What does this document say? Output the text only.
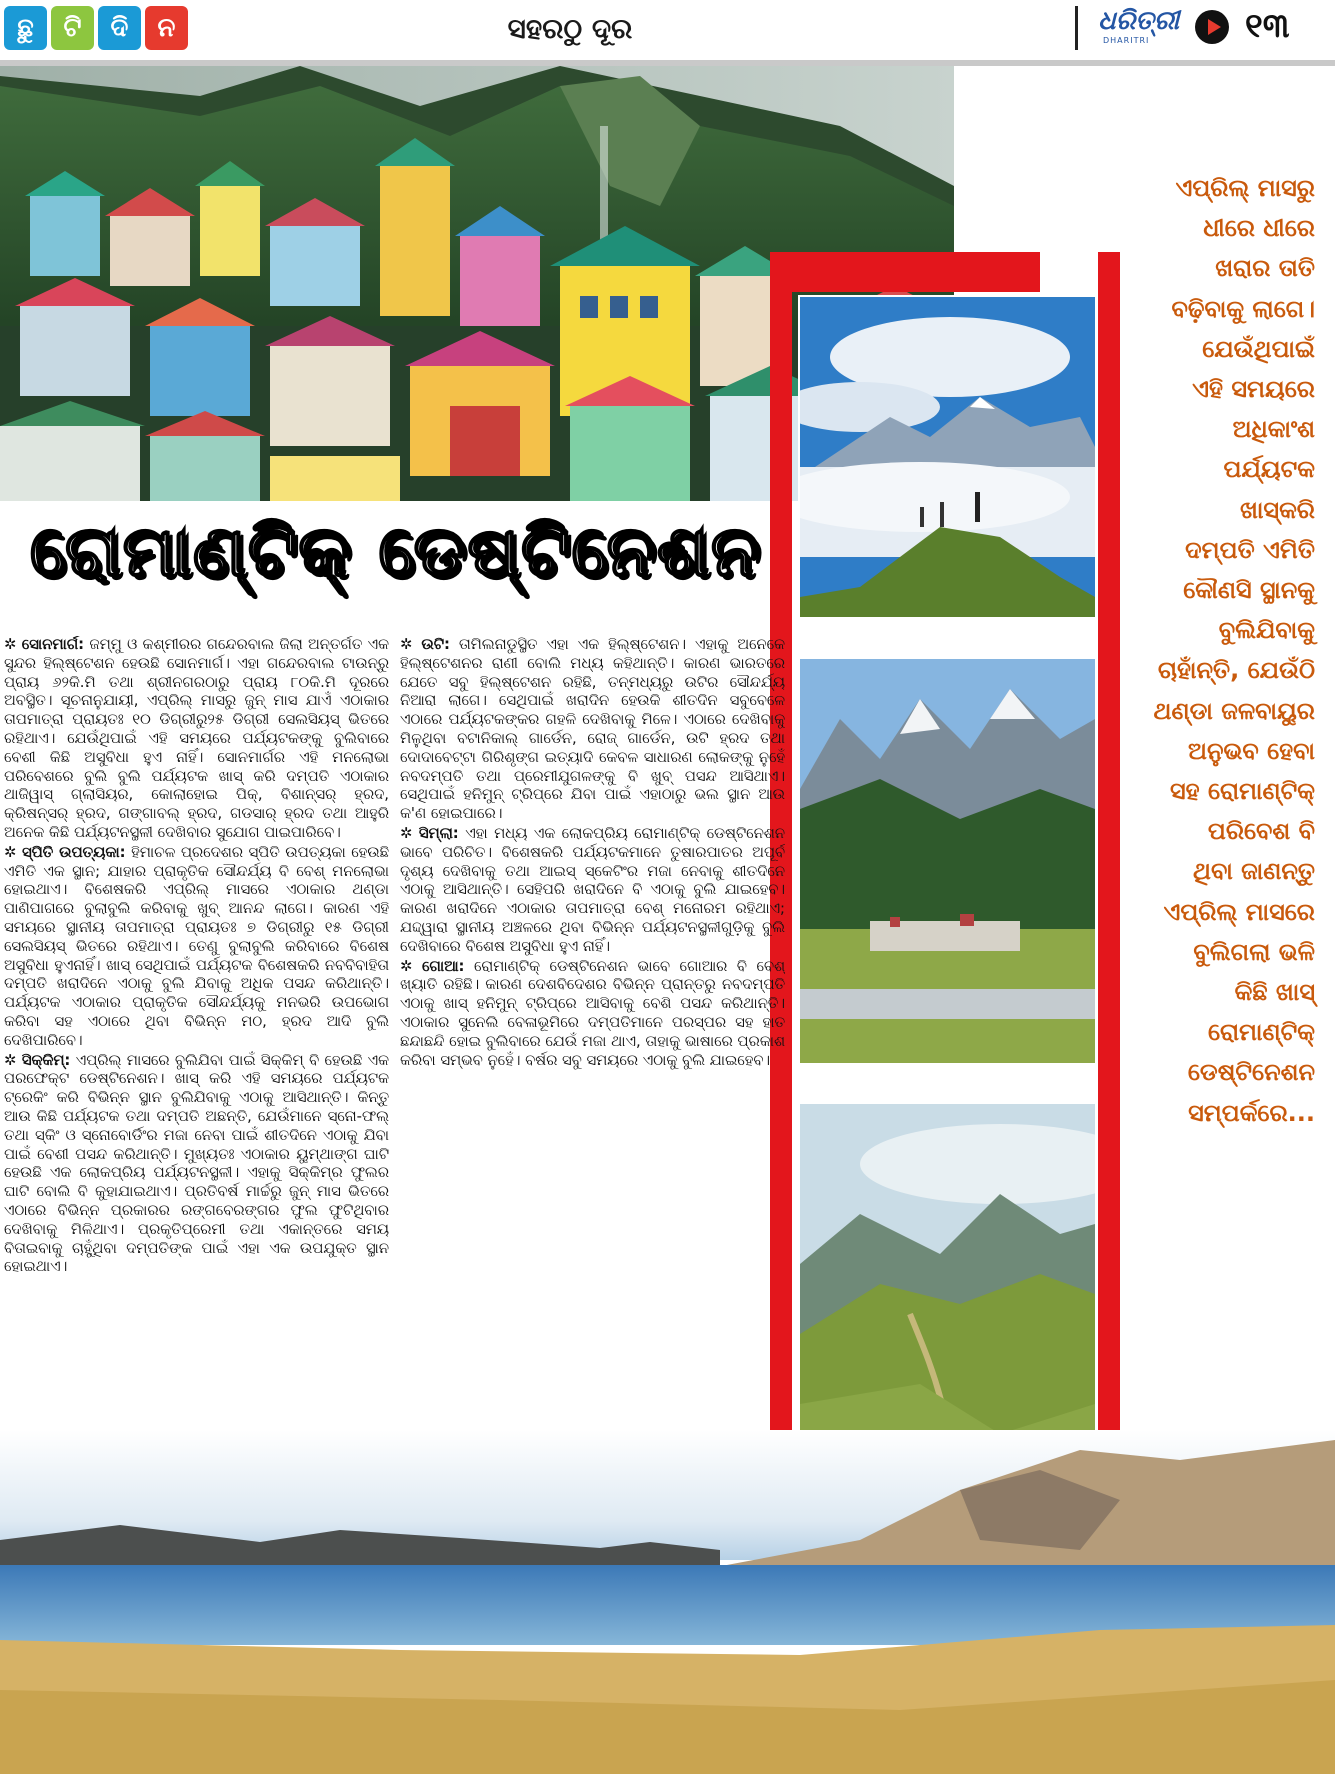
ଛୁ	ଟି	ଦି	ନ	ସହରଠୁ ଦୂର	ଧରିତ୍ରୀ
DHARITRI	୧୩
ରୋମାଣ୍ଟିକ୍ ଡେଷ୍ଟିନେଶନ

✲ ସୋନମାର୍ଗ: ଜମ୍ମୁ ଓ କଶ୍ମୀରର ଗନ୍ଦେରବାଲ ଜିଲା ଅନ୍ତର୍ଗତ ଏକ ସୁନ୍ଦର ହିଲ୍‌ଷ୍ଟେଶନ ହେଉଛି ସୋନମାର୍ଗ। ଏହା ଗନ୍ଦେରବାଲ ଟାଉନ୍‌ରୁ ପ୍ରାୟ ୬୨କି.ମି ତଥା ଶ୍ରୀନଗରଠାରୁ ପ୍ରାୟ ୮୦କି.ମି ଦୂରରେ ଅବସ୍ଥିତ। ସୂଚନାନୁଯାୟୀ, ଏପ୍ରିଲ୍ ମାସରୁ ଜୁନ୍ ମାସ ଯାଏଁ ଏଠାକାର ତାପମାତ୍ରା ପ୍ରାୟତଃ ୧୦ ଡିଗ୍ରୀରୁ୨୫ ଡିଗ୍ରୀ ସେଲସିୟସ୍ ଭିତରେ ରହିଥାଏ। ଯେଉଁଥିପାଇଁ ଏହି ସମୟରେ ପର୍ଯ୍ୟଟକଙ୍କୁ ବୁଲିବାରେ ବେଶୀ କିଛି ଅସୁବିଧା ହୁଏ ନାହିଁ। ସୋନମାର୍ଗର ଏହି ମନଲୋଭା ପରିବେଶରେ ବୁଲି ବୁଲି ପର୍ଯ୍ୟଟକ ଖାସ୍ କରି ଦମ୍ପତି ଏଠାକାର ଥାଜିୱାସ୍ ଗ୍ଲାସିୟର, କୋଲାହୋଇ ପିକ୍, ବିଶାନ୍‌ସର୍ ହ୍ରଦ, କ୍ରିଷନ୍‌ସର୍ ହ୍ରଦ, ଗଙ୍ଗାବଲ୍ ହ୍ରଦ, ଗଡସାର୍ ହ୍ରଦ ତଥା ଆହୁରି ଅନେକ କିଛି ପର୍ଯ୍ୟଟନସ୍ଥଳୀ ଦେଖିବାର ସୁଯୋଗ ପାଇପାରିବେ।

✲ ସ୍ପିତି ଉପତ୍ୟକା: ହିମାଚଳ ପ୍ରଦେଶର ସ୍ପିତି ଉପତ୍ୟକା ହେଉଛି ଏମିତି ଏକ ସ୍ଥାନ; ଯାହାର ପ୍ରାକୃତିକ ସୌନ୍ଦର୍ଯ୍ୟ ବି ବେଶ୍ ମନଲୋଭା ହୋଇଥାଏ। ବିଶେଷକରି ଏପ୍ରିଲ୍ ମାସରେ ଏଠାକାର ଥଣ୍ଡା ପାଣିପାଗରେ ବୁଲାବୁଲି କରିବାକୁ ଖୁବ୍ ଆନନ୍ଦ ଲାଗେ। କାରଣ ଏହି ସମୟରେ ସ୍ଥାନୀୟ ତାପମାତ୍ରା ପ୍ରାୟତଃ ୭ ଡିଗ୍ରୀରୁ ୧୫ ଡିଗ୍ରୀ ସେଲସିୟସ୍ ଭିତରେ ରହିଥାଏ। ତେଣୁ ବୁଲାବୁଲି କରିବାରେ ବିଶେଷ ଅସୁବିଧା ହୁଏନାହିଁ। ଖାସ୍ ସେଥିପାଇଁ ପର୍ଯ୍ୟଟକ ବିଶେଷକରି ନବବିବାହିତା ଦମ୍ପତି ଖରାଦିନେ ଏଠାକୁ ବୁଲି ଯିବାକୁ ଅଧିକ ପସନ୍ଦ କରିଥାନ୍ତି। ପର୍ଯ୍ୟଟକ ଏଠାକାର ପ୍ରାକୃତିକ ସୌନ୍ଦର୍ଯ୍ୟକୁ ମନଭରି ଉପଭୋଗ କରିବା ସହ ଏଠାରେ ଥିବା ବିଭିନ୍ନ ମଠ, ହ୍ରଦ ଆଦି ବୁଲି ଦେଖିପାରିବେ।

✲ ସିକ୍କିମ୍: ଏପ୍ରିଲ୍ ମାସରେ ବୁଲିଯିବା ପାଇଁ ସିକ୍କିମ୍ ବି ହେଉଛି ଏକ ପରଫେକ୍ଟ ଡେଷ୍ଟିନେଶନ। ଖାସ୍ କରି ଏହି ସମୟରେ ପର୍ଯ୍ୟଟକ ଟ୍ରେକିଂ କରି ବିଭିନ୍ନ ସ୍ଥାନ ବୁଲିଯିବାକୁ ଏଠାକୁ ଆସିଥାନ୍ତି। କିନ୍ତୁ ଆଉ କିଛି ପର୍ଯ୍ୟଟକ ତଥା ଦମ୍ପତି ଅଛନ୍ତି, ଯେଉଁମାନେ ସ୍ନୋ-ଫଲ୍ ତଥା ସ୍କିଂ ଓ ସ୍ନୋବୋର୍ଡିଂର ମଜା ନେବା ପାଇଁ ଶୀତଦିନେ ଏଠାକୁ ଯିବା ପାଇଁ ବେଶୀ ପସନ୍ଦ କରିଥାନ୍ତି। ମୁଖ୍ୟତଃ ଏଠାକାର ୟୁମ୍‌ଥାଙ୍ଗ ଘାଟି ହେଉଛି ଏକ ଲୋକପ୍ରିୟ ପର୍ଯ୍ୟଟନସ୍ଥଳୀ। ଏହାକୁ ସିକ୍କିମ୍‌ର ଫୁଲର ଘାଟି ବୋଲି ବି କୁହାଯାଇଥାଏ। ପ୍ରତିବର୍ଷ ମାର୍ଚ୍ଚରୁ ଜୁନ୍ ମାସ ଭିତରେ ଏଠାରେ ବିଭିନ୍ନ ପ୍ରକାରର ରଙ୍ଗବେରଙ୍ଗର ଫୁଲ ଫୁଟିଥିବାର ଦେଖିବାକୁ ମିଳିଥାଏ। ପ୍ରକୃତିପ୍ରେମୀ ତଥା ଏକାନ୍ତରେ ସମୟ ବିତାଇବାକୁ ଚାହୁଁଥିବା ଦମ୍ପତିଙ୍କ ପାଇଁ ଏହା ଏକ ଉପଯୁକ୍ତ ସ୍ଥାନ ହୋଇଥାଏ।

✲ ଉଟି: ତାମିଲନାଡୁସ୍ଥିତ ଏହା ଏକ ହିଲ୍‌ଷ୍ଟେଶନ। ଏହାକୁ ଅନେକେ ହିଲ୍‌ଷ୍ଟେଶନର ରାଣୀ ବୋଲି ମଧ୍ୟ କହିଥାନ୍ତି। କାରଣ ଭାରତରେ ଯେତେ ସବୁ ହିଲ୍‌ଷ୍ଟେଶନ ରହିଛି, ତନ୍ମଧ୍ୟରୁ ଉଟିର ସୌନ୍ଦର୍ଯ୍ୟ ନିଆରା ଲାଗେ। ସେଥିପାଇଁ ଖରାଦିନ ହେଉକି ଶୀତଦିନ ସବୁବେଳେ ଏଠାରେ ପର୍ଯ୍ୟଟକଙ୍କର ଗହଳି ଦେଖିବାକୁ ମିଳେ। ଏଠାରେ ଦେଖିବାକୁ ମିଳୁଥିବା ବଟାନିକାଲ୍ ଗାର୍ଡେନ, ରୋଜ୍ ଗାର୍ଡେନ, ଉଟି ହ୍ରଦ ତଥା ଦୋଦାବେଟ୍ଟା ଗିରିଶୃଙ୍ଗ ଇତ୍ୟାଦି କେବଳ ସାଧାରଣ ଲୋକଙ୍କୁ ନୁହେଁ ନବଦମ୍ପତି ତଥା ପ୍ରେମୀଯୁଗଳଙ୍କୁ ବି ଖୁବ୍ ପସନ୍ଦ ଆସିଥାଏ। ସେଥିପାଇଁ ହନିମୁନ୍ ଟ୍ରିପ୍‌ରେ ଯିବା ପାଇଁ ଏହାଠାରୁ ଭଲ ସ୍ଥାନ ଆଉ କ'ଣ ହୋଇପାରେ।

✲ ସିମ୍ଲା: ଏହା ମଧ୍ୟ ଏକ ଲୋକପ୍ରିୟ ରୋମାଣ୍ଟିକ୍ ଡେଷ୍ଟିନେଶନ ଭାବେ ପରିଚିତ। ବିଶେଷକରି ପର୍ଯ୍ୟଟକମାନେ ତୁଷାରପାତର ଅପୂର୍ବ ଦୃଶ୍ୟ ଦେଖିବାକୁ ତଥା ଆଇସ୍ ସ୍କେଟିଂର ମଜା ନେବାକୁ ଶୀତଦିନେ ଏଠାକୁ ଆସିଥାନ୍ତି। ସେହିପରି ଖରାଦିନେ ବି ଏଠାକୁ ବୁଲି ଯାଇହେବ। କାରଣ ଖରାଦିନେ ଏଠାକାର ତାପମାତ୍ରା ବେଶ୍ ମନୋରମ ରହିଥାଏ; ଯଦ୍ଦ୍ୱାରା ସ୍ଥାନୀୟ ଅଞ୍ଚଳରେ ଥିବା ବିଭିନ୍ନ ପର୍ଯ୍ୟଟନସ୍ଥଳୀଗୁଡ଼ିକୁ ବୁଲି ଦେଖିବାରେ ବିଶେଷ ଅସୁବିଧା ହୁଏ ନାହିଁ।

✲ ଗୋଆ: ରୋମାଣ୍ଟିକ୍ ଡେଷ୍ଟିନେଶନ ଭାବେ ଗୋଆର ବି ବେଶ୍ ଖ୍ୟାତି ରହିଛି। କାରଣ ଦେଶବିଦେଶର ବିଭିନ୍ନ ପ୍ରାନ୍ତରୁ ନବଦମ୍ପତି ଏଠାକୁ ଖାସ୍ ହନିମୁନ୍ ଟ୍ରିପ୍‌ରେ ଆସିବାକୁ ବେଶି ପସନ୍ଦ କରିଥାନ୍ତି। ଏଠାକାର ସୁନେଲି ବେଳାଭୂମିରେ ଦମ୍ପତିମାନେ ପରସ୍ପର ସହ ହାତ ଛନ୍ଦାଛନ୍ଦି ହୋଇ ବୁଲିବାରେ ଯେଉଁ ମଜା ଥାଏ, ତାହାକୁ ଭାଷାରେ ପ୍ରକାଶ କରିବା ସମ୍ଭବ ନୁହେଁ। ବର୍ଷର ସବୁ ସମୟରେ ଏଠାକୁ ବୁଲି ଯାଇହେବ।

ଏପ୍ରିଲ୍ ମାସରୁ
ଧୀରେ ଧୀରେ
ଖରାର ତାତି
ବଢ଼ିବାକୁ ଲାଗେ।
ଯେଉଁଥିପାଇଁ
ଏହି ସମୟରେ
ଅଧିକାଂଶ
ପର୍ଯ୍ୟଟକ
ଖାସ୍‌କରି
ଦମ୍ପତି ଏମିତି
କୌଣସି ସ୍ଥାନକୁ
ବୁଲିଯିବାକୁ
ଚାହାଁନ୍ତି, ଯେଉଁଠି
ଥଣ୍ଡା ଜଳବାୟୁର
ଅନୁଭବ ହେବା
ସହ ରୋମାଣ୍ଟିକ୍
ପରିବେଶ ବି
ଥିବା ଜାଣନ୍ତୁ
ଏପ୍ରିଲ୍ ମାସରେ
ବୁଲିଗଲା ଭଳି
କିଛି ଖାସ୍
ରୋମାଣ୍ଟିକ୍
ଡେଷ୍ଟିନେଶନ
ସମ୍ପର୍କରେ...
